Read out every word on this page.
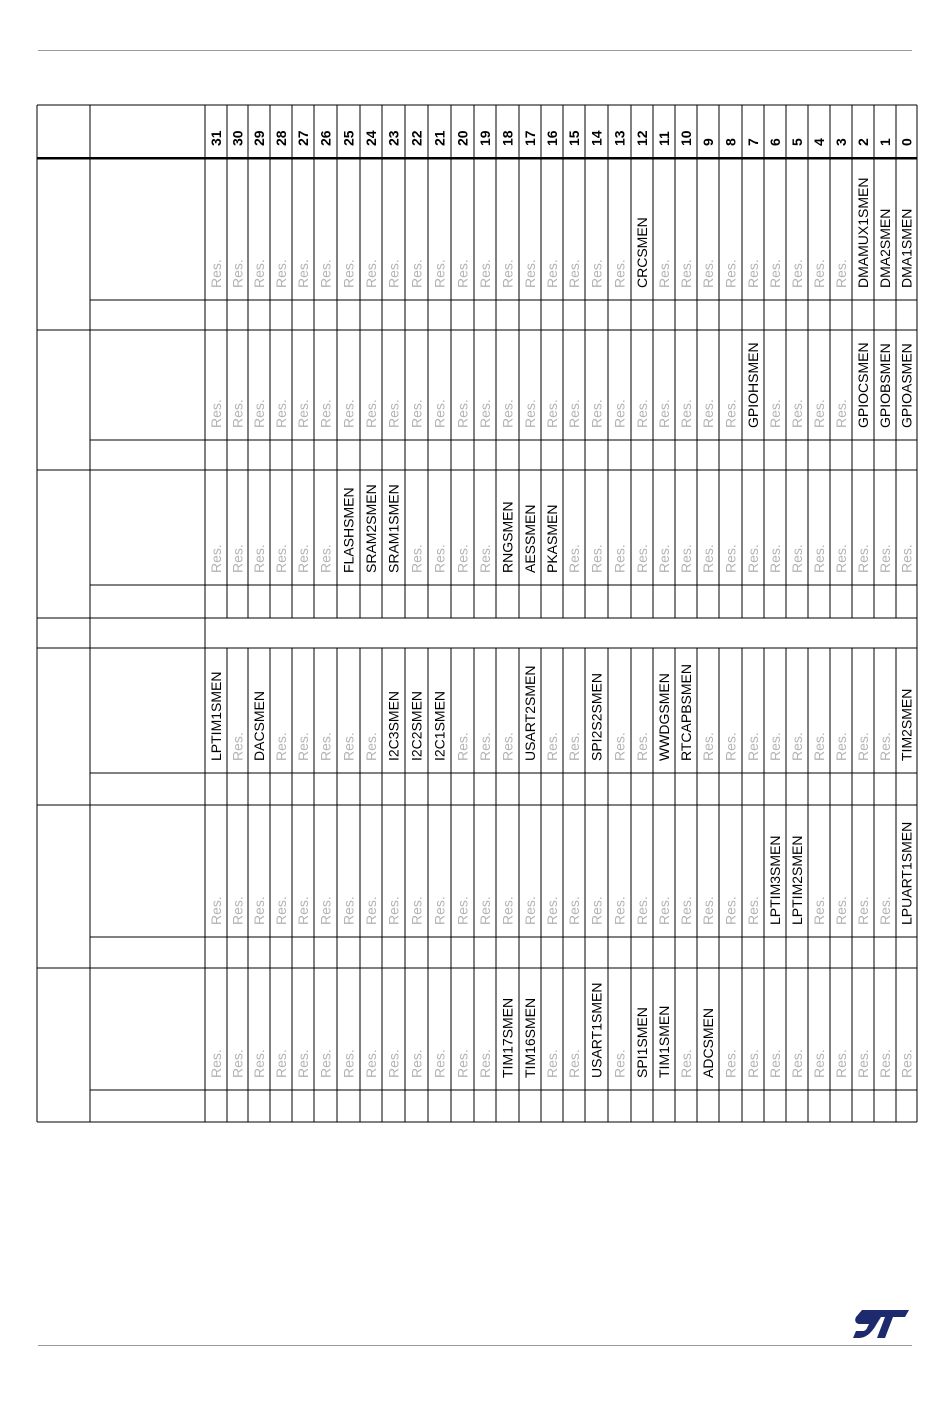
31 30 29 28 27 26 25 24 23 22 21 20 19 18 17 16 15 14 13 12 11 10 9 8 7 6 5 4 3 2 1 0
Res. Res. Res. Res. Res. Res. Res. Res. Res. Res. Res. Res. Res. Res. Res. Res. Res. Res. Res. CRCSMEN Res. Res. Res. Res. Res. Res. Res. Res. Res. DMAMUX1SMEN DMA2SMEN DMA1SMEN
Res. Res. Res. Res. Res. Res. Res. Res. Res. Res. Res. Res. Res. Res. Res. Res. Res. Res. Res. Res. Res. Res. Res. Res. GPIOHSMEN Res. Res. Res. Res. GPIOCSMEN GPIOBSMEN GPIOASMEN
Res. Res. Res. Res. Res. Res. FLASHSMEN SRAM2SMEN SRAM1SMEN Res. Res. Res. Res. RNGSMEN AESSMEN PKASMEN Res. Res. Res. Res. Res. Res. Res. Res. Res. Res. Res. Res. Res. Res. Res. Res.
LPTIM1SMEN Res. DACSMEN Res. Res. Res. Res. Res. I2C3SMEN I2C2SMEN I2C1SMEN Res. Res. Res. USART2SMEN Res. Res. SPI2S2SMEN Res. Res. WWDGSMEN RTCAPBSMEN Res. Res. Res. Res. Res. Res. Res. Res. Res. TIM2SMEN
Res. Res. Res. Res. Res. Res. Res. Res. Res. Res. Res. Res. Res. Res. Res. Res. Res. Res. Res. Res. Res. Res. Res. Res. Res. LPTIM3SMEN LPTIM2SMEN Res. Res. Res. Res. LPUART1SMEN
Res. Res. Res. Res. Res. Res. Res. Res. Res. Res. Res. Res. Res. TIM17SMEN TIM16SMEN Res. Res. USART1SMEN Res. SPI1SMEN TIM1SMEN Res. ADCSMEN Res. Res. Res. Res. Res. Res. Res. Res. Res.
